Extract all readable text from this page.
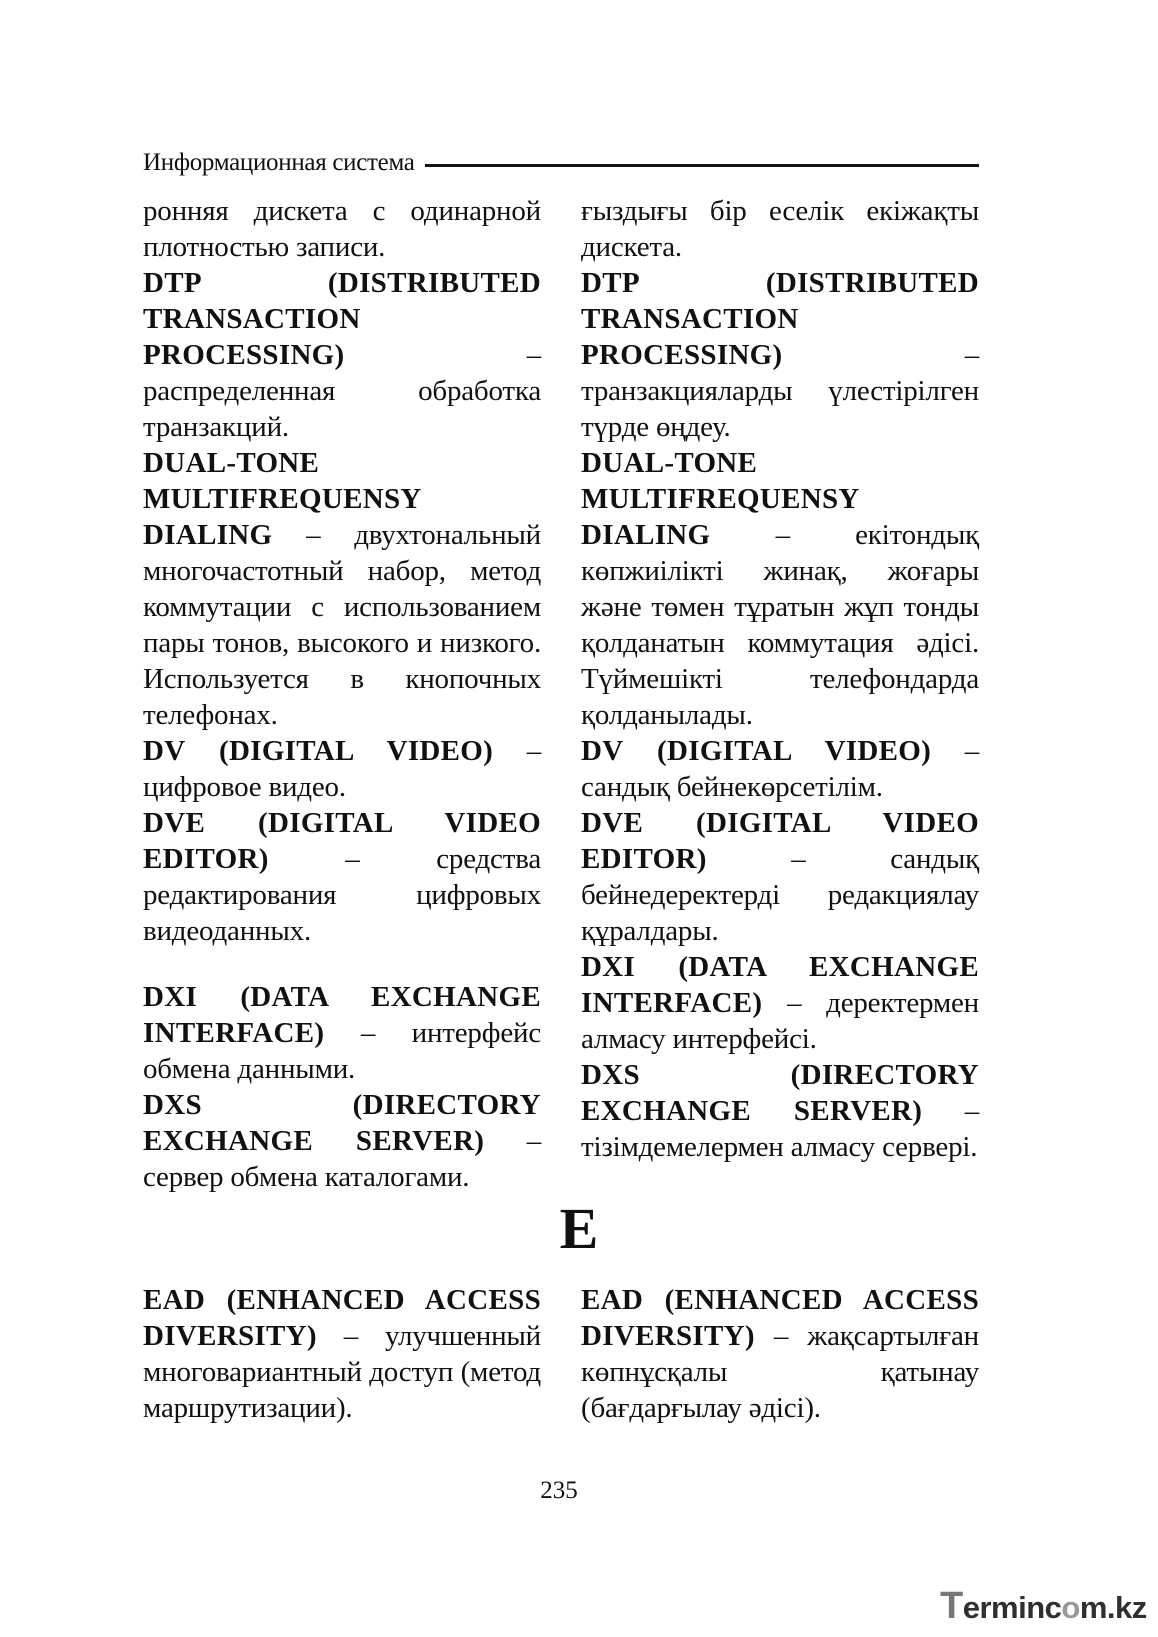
Информационная система

ронняя дискета с одинарной плотностью записи.

DTP (DISTRIBUTED TRANSACTION PROCESSING) – распределенная обработка транзакций.

DUAL-TONE MULTIFREQUENSY DIALING – двухтональный многочастотный набор, метод коммутации с использованием пары тонов, высокого и низкого. Используется в кнопочных телефонах.

DV (DIGITAL VIDEO) – цифровое видео.

DVE (DIGITAL VIDEO EDITOR) – средства редактирования цифровых видеоданных.

DXI (DATA EXCHANGE INTERFACE) – интерфейс обмена данными.

DXS (DIRECTORY EXCHANGE SERVER) – сервер обмена каталогами.

ғыздығы бір еселік екіжақты дискета.

DTP (DISTRIBUTED TRANSACTION PROCESSING) – транзакцияларды үлестірілген түрде өңдеу.

DUAL-TONE MULTIFREQUENSY DIALING – екітондық көпжиілікті жинақ, жоғары және төмен тұратын жұп тонды қолданатын коммутация әдісі. Түймешікті телефондарда қолданылады.

DV (DIGITAL VIDEO) – сандық бейнекөрсетілім.

DVE (DIGITAL VIDEO EDITOR) – сандық бейнедеректерді редакциялау құралдары.

DXI (DATA EXCHANGE INTERFACE) – деректермен алмасу интерфейсі.

DXS (DIRECTORY EXCHANGE SERVER) – тізімдемелермен алмасу сервері.

E

EAD (ENHANCED ACCESS DIVERSITY) – улучшенный многовариантный доступ (метод маршрутизации).

EAD (ENHANCED ACCESS DIVERSITY) – жақсартылған көпнұсқалы қатынау (бағдарғылау әдісі).

235
Termincom.kz
